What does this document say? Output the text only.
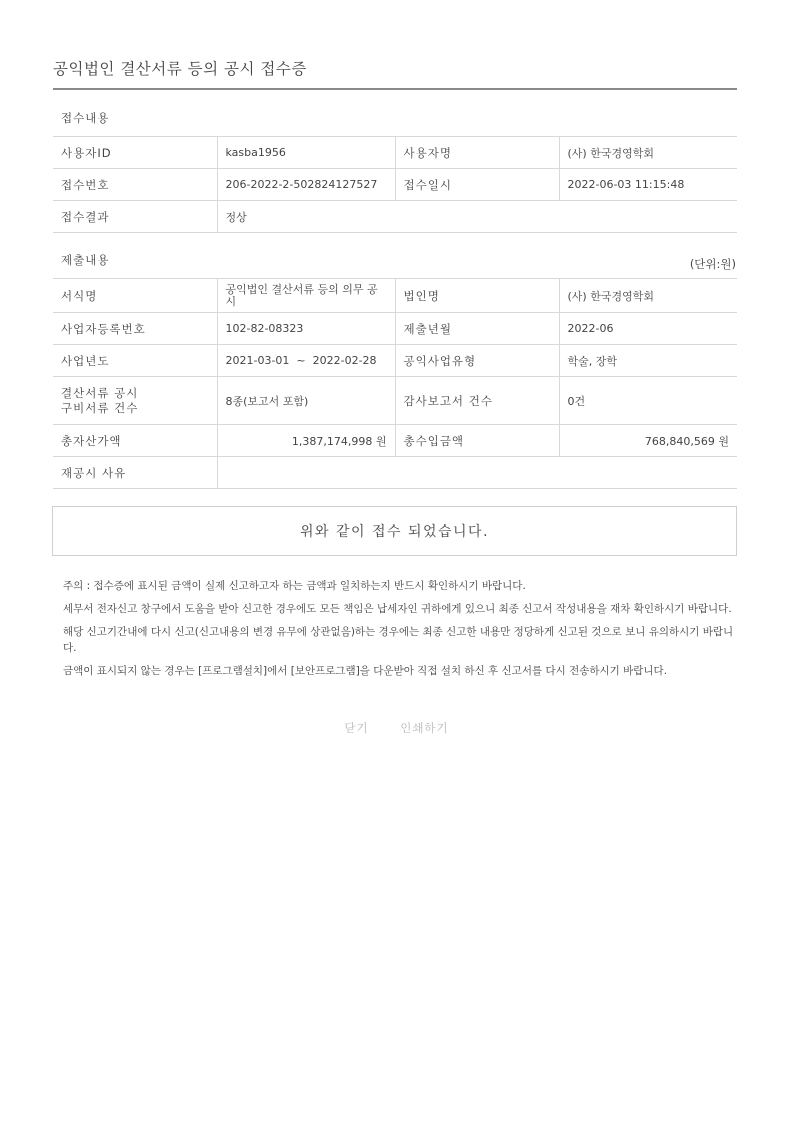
공익법인 결산서류 등의 공시 접수증
접수내용
사용자ID	kasba1956	사용자명	(사) 한국경영학회
접수번호	206-2022-2-502824127527	접수일시	2022-06-03 11:15:48
접수결과	정상		
제출내용	(단위:원)
서식명	공익법인 결산서류 등의 의무 공시	법인명	(사) 한국경영학회
사업자등록번호	102-82-08323	제출년월	2022-06
사업년도	2021-03-01  ~  2022-02-28	공익사업유형	학술, 장학

결산서류 공시
구비서류 건수	8종(보고서 포함)	감사보고서 건수	0건
총자산가액	1,387,174,998 원	총수입금액	768,840,569 원
재공시 사유			
위와 같이 접수 되었습니다.

주의 : 접수증에 표시된 금액이 실제 신고하고자 하는 금액과 일치하는지 반드시 확인하시기 바랍니다.

세무서 전자신고 창구에서 도움을 받아 신고한 경우에도 모든 책임은 납세자인 귀하에게 있으니 최종 신고서 작성내용을 재차 확인하시기 바랍니다.

해당 신고기간내에 다시 신고(신고내용의 변경 유무에 상관없음)하는 경우에는 최종 신고한 내용만 정당하게 신고된 것으로 보니 유의하시기 바랍니다.

금액이 표시되지 않는 경우는 [프로그램설치]에서 [보안프로그램]을 다운받아 직접 설치 하신 후 신고서를 다시 전송하시기 바랍니다.

닫기	인쇄하기
